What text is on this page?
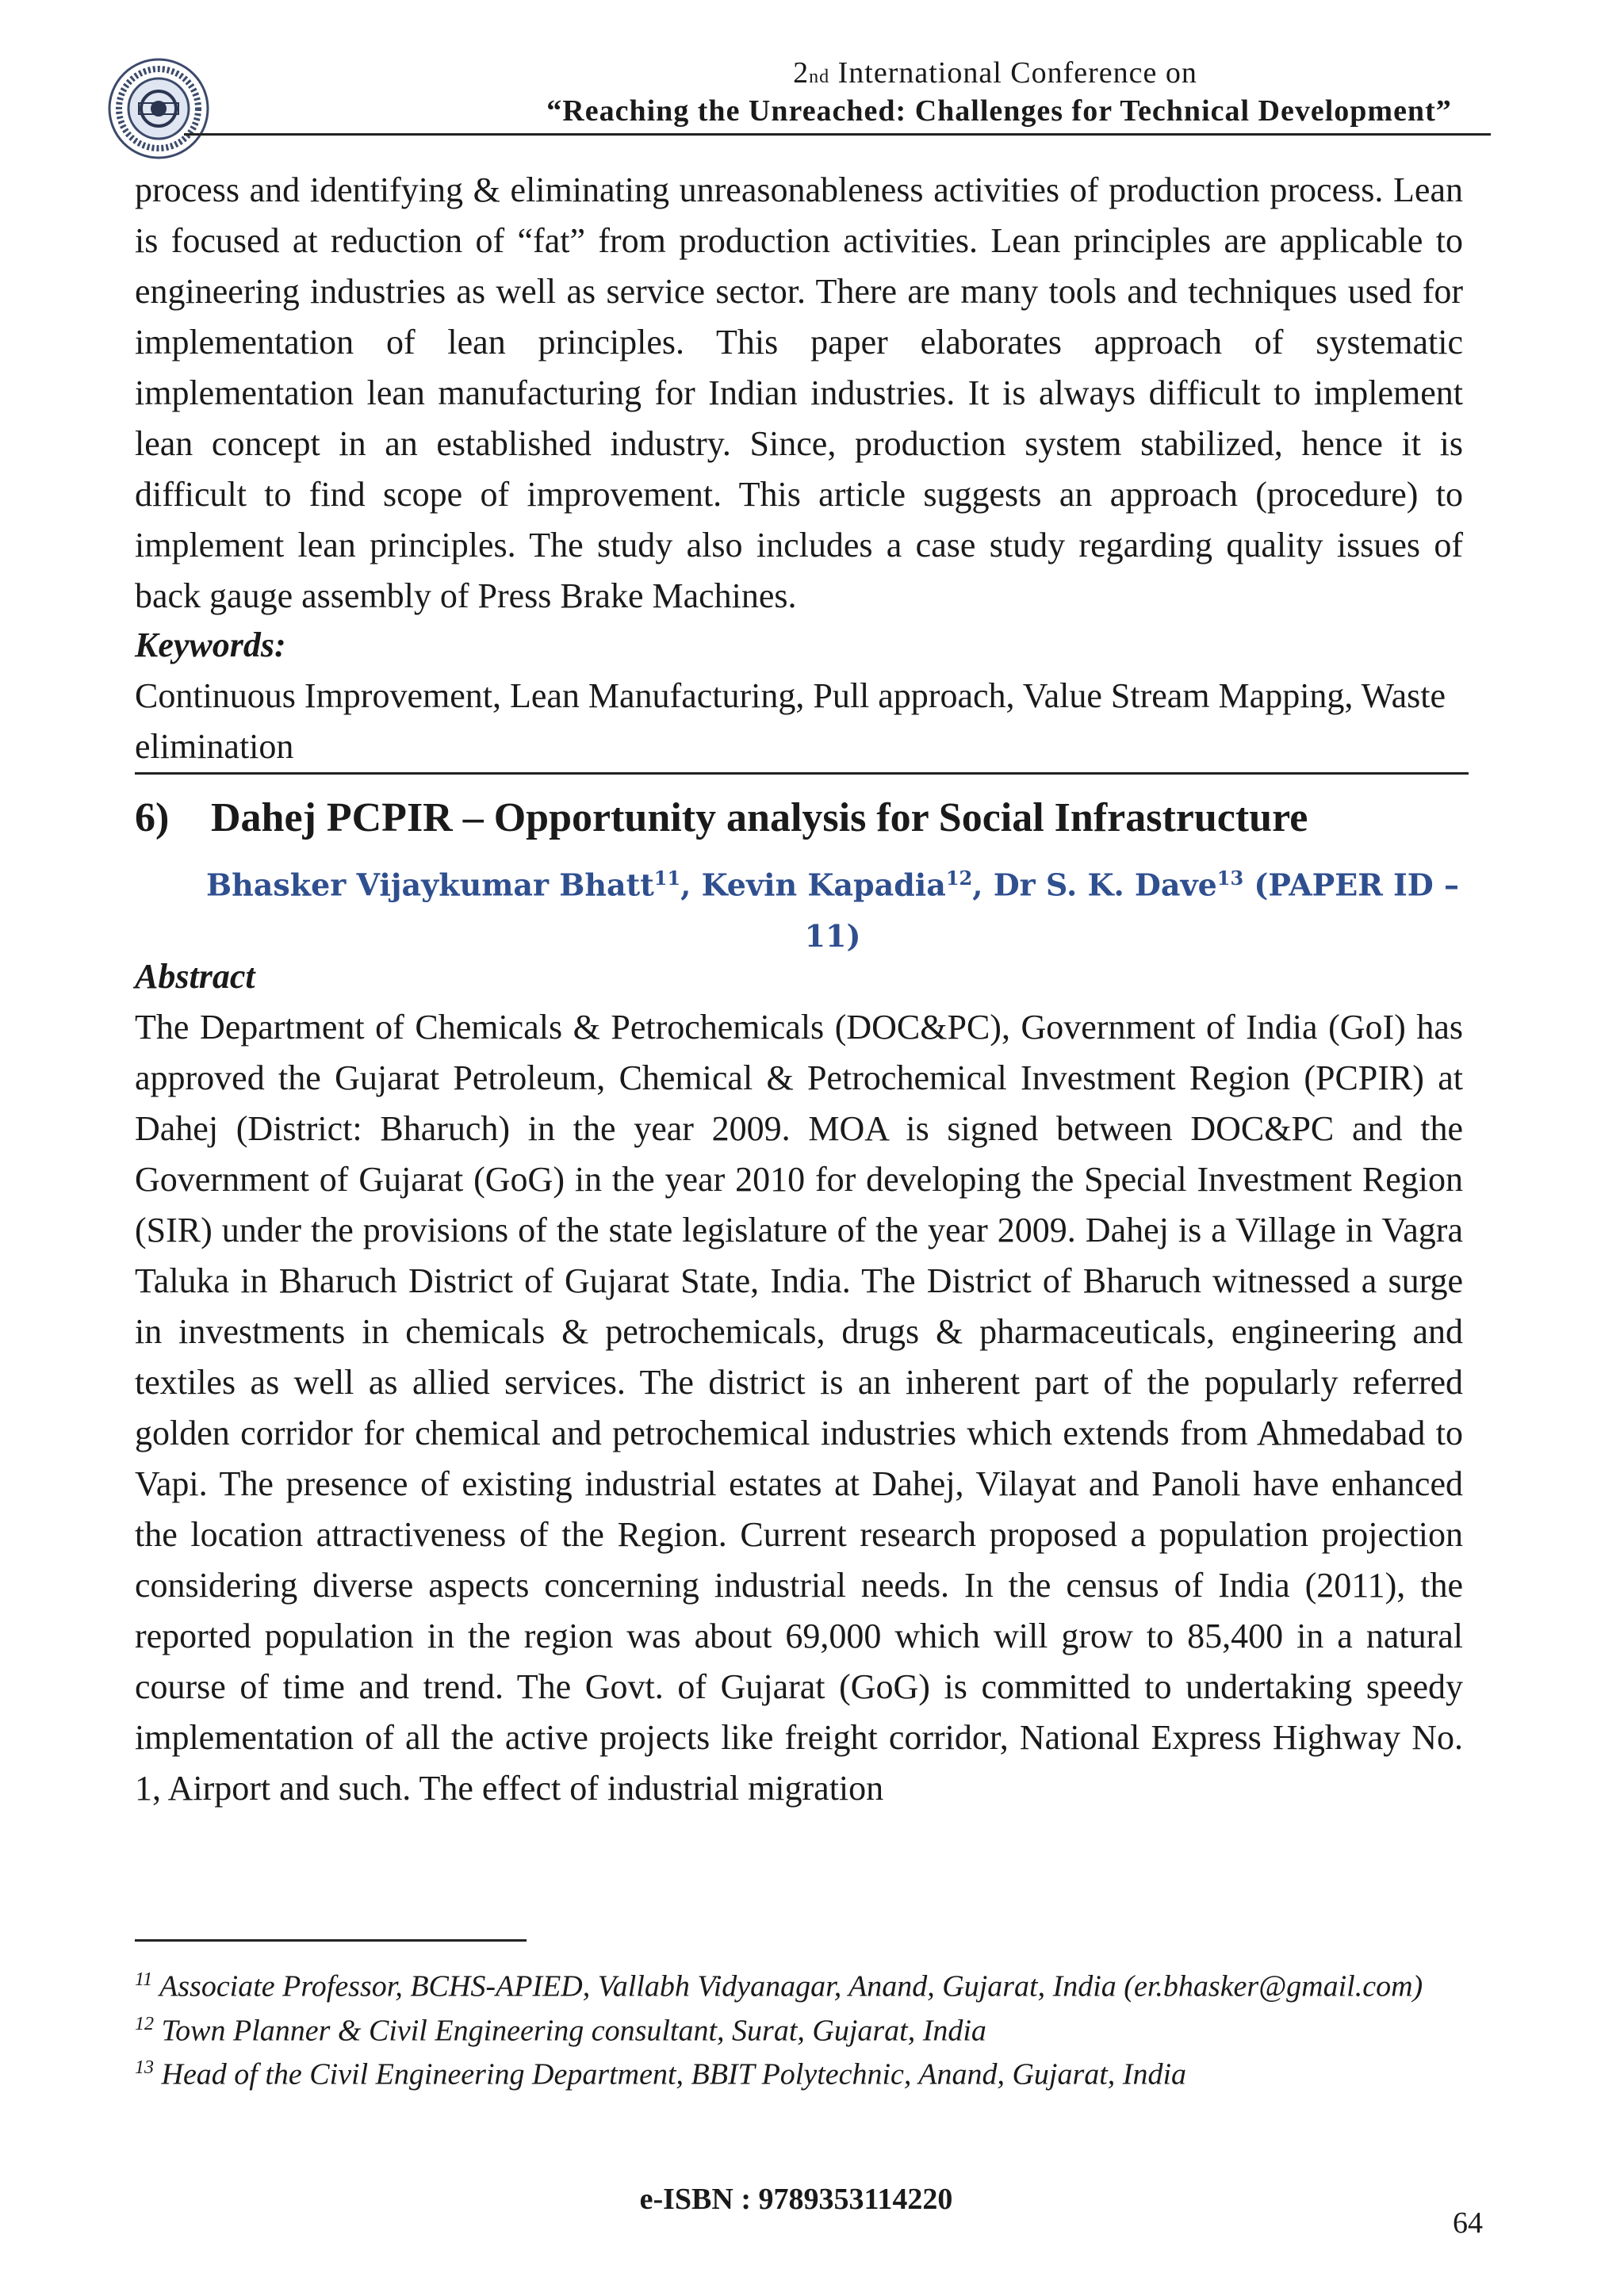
2nd International Conference on
“Reaching the Unreached: Challenges for Technical Development”
process and identifying & eliminating unreasonableness activities of production process. Lean is focused at reduction of “fat” from production activities. Lean principles are applicable to engineering industries as well as service sector. There are many tools and techniques used for implementation of lean principles. This paper elaborates approach of systematic implementation lean manufacturing for Indian industries. It is always difficult to implement lean concept in an established industry. Since, production system stabilized, hence it is difficult to find scope of improvement. This article suggests an approach (procedure) to implement lean principles. The study also includes a case study regarding quality issues of back gauge assembly of Press Brake Machines.
Keywords:
Continuous Improvement, Lean Manufacturing, Pull approach, Value Stream Mapping, Waste elimination
6) Dahej PCPIR – Opportunity analysis for Social Infrastructure
Bhasker Vijaykumar Bhatt$^{11}$, Kevin Kapadia$^{12}$, Dr S. K. Dave$^{13}$ (PAPER ID – 11)
Abstract
The Department of Chemicals & Petrochemicals (DOC&PC), Government of India (GoI) has approved the Gujarat Petroleum, Chemical & Petrochemical Investment Region (PCPIR) at Dahej (District: Bharuch) in the year 2009. MOA is signed between DOC&PC and the Government of Gujarat (GoG) in the year 2010 for developing the Special Investment Region (SIR) under the provisions of the state legislature of the year 2009. Dahej is a Village in Vagra Taluka in Bharuch District of Gujarat State, India. The District of Bharuch witnessed a surge in investments in chemicals & petrochemicals, drugs & pharmaceuticals, engineering and textiles as well as allied services. The district is an inherent part of the popularly referred golden corridor for chemical and petrochemical industries which extends from Ahmedabad to Vapi. The presence of existing industrial estates at Dahej, Vilayat and Panoli have enhanced the location attractiveness of the Region. Current research proposed a population projection considering diverse aspects concerning industrial needs. In the census of India (2011), the reported population in the region was about 69,000 which will grow to 85,400 in a natural course of time and trend. The Govt. of Gujarat (GoG) is committed to undertaking speedy implementation of all the active projects like freight corridor, National Express Highway No. 1, Airport and such. The effect of industrial migration
$^{11}$ Associate Professor, BCHS-APIED, Vallabh Vidyanagar, Anand, Gujarat, India (er.bhasker@gmail.com)
$^{12}$ Town Planner & Civil Engineering consultant, Surat, Gujarat, India
$^{13}$ Head of the Civil Engineering Department, BBIT Polytechnic, Anand, Gujarat, India
e-ISBN : 9789353114220
64
